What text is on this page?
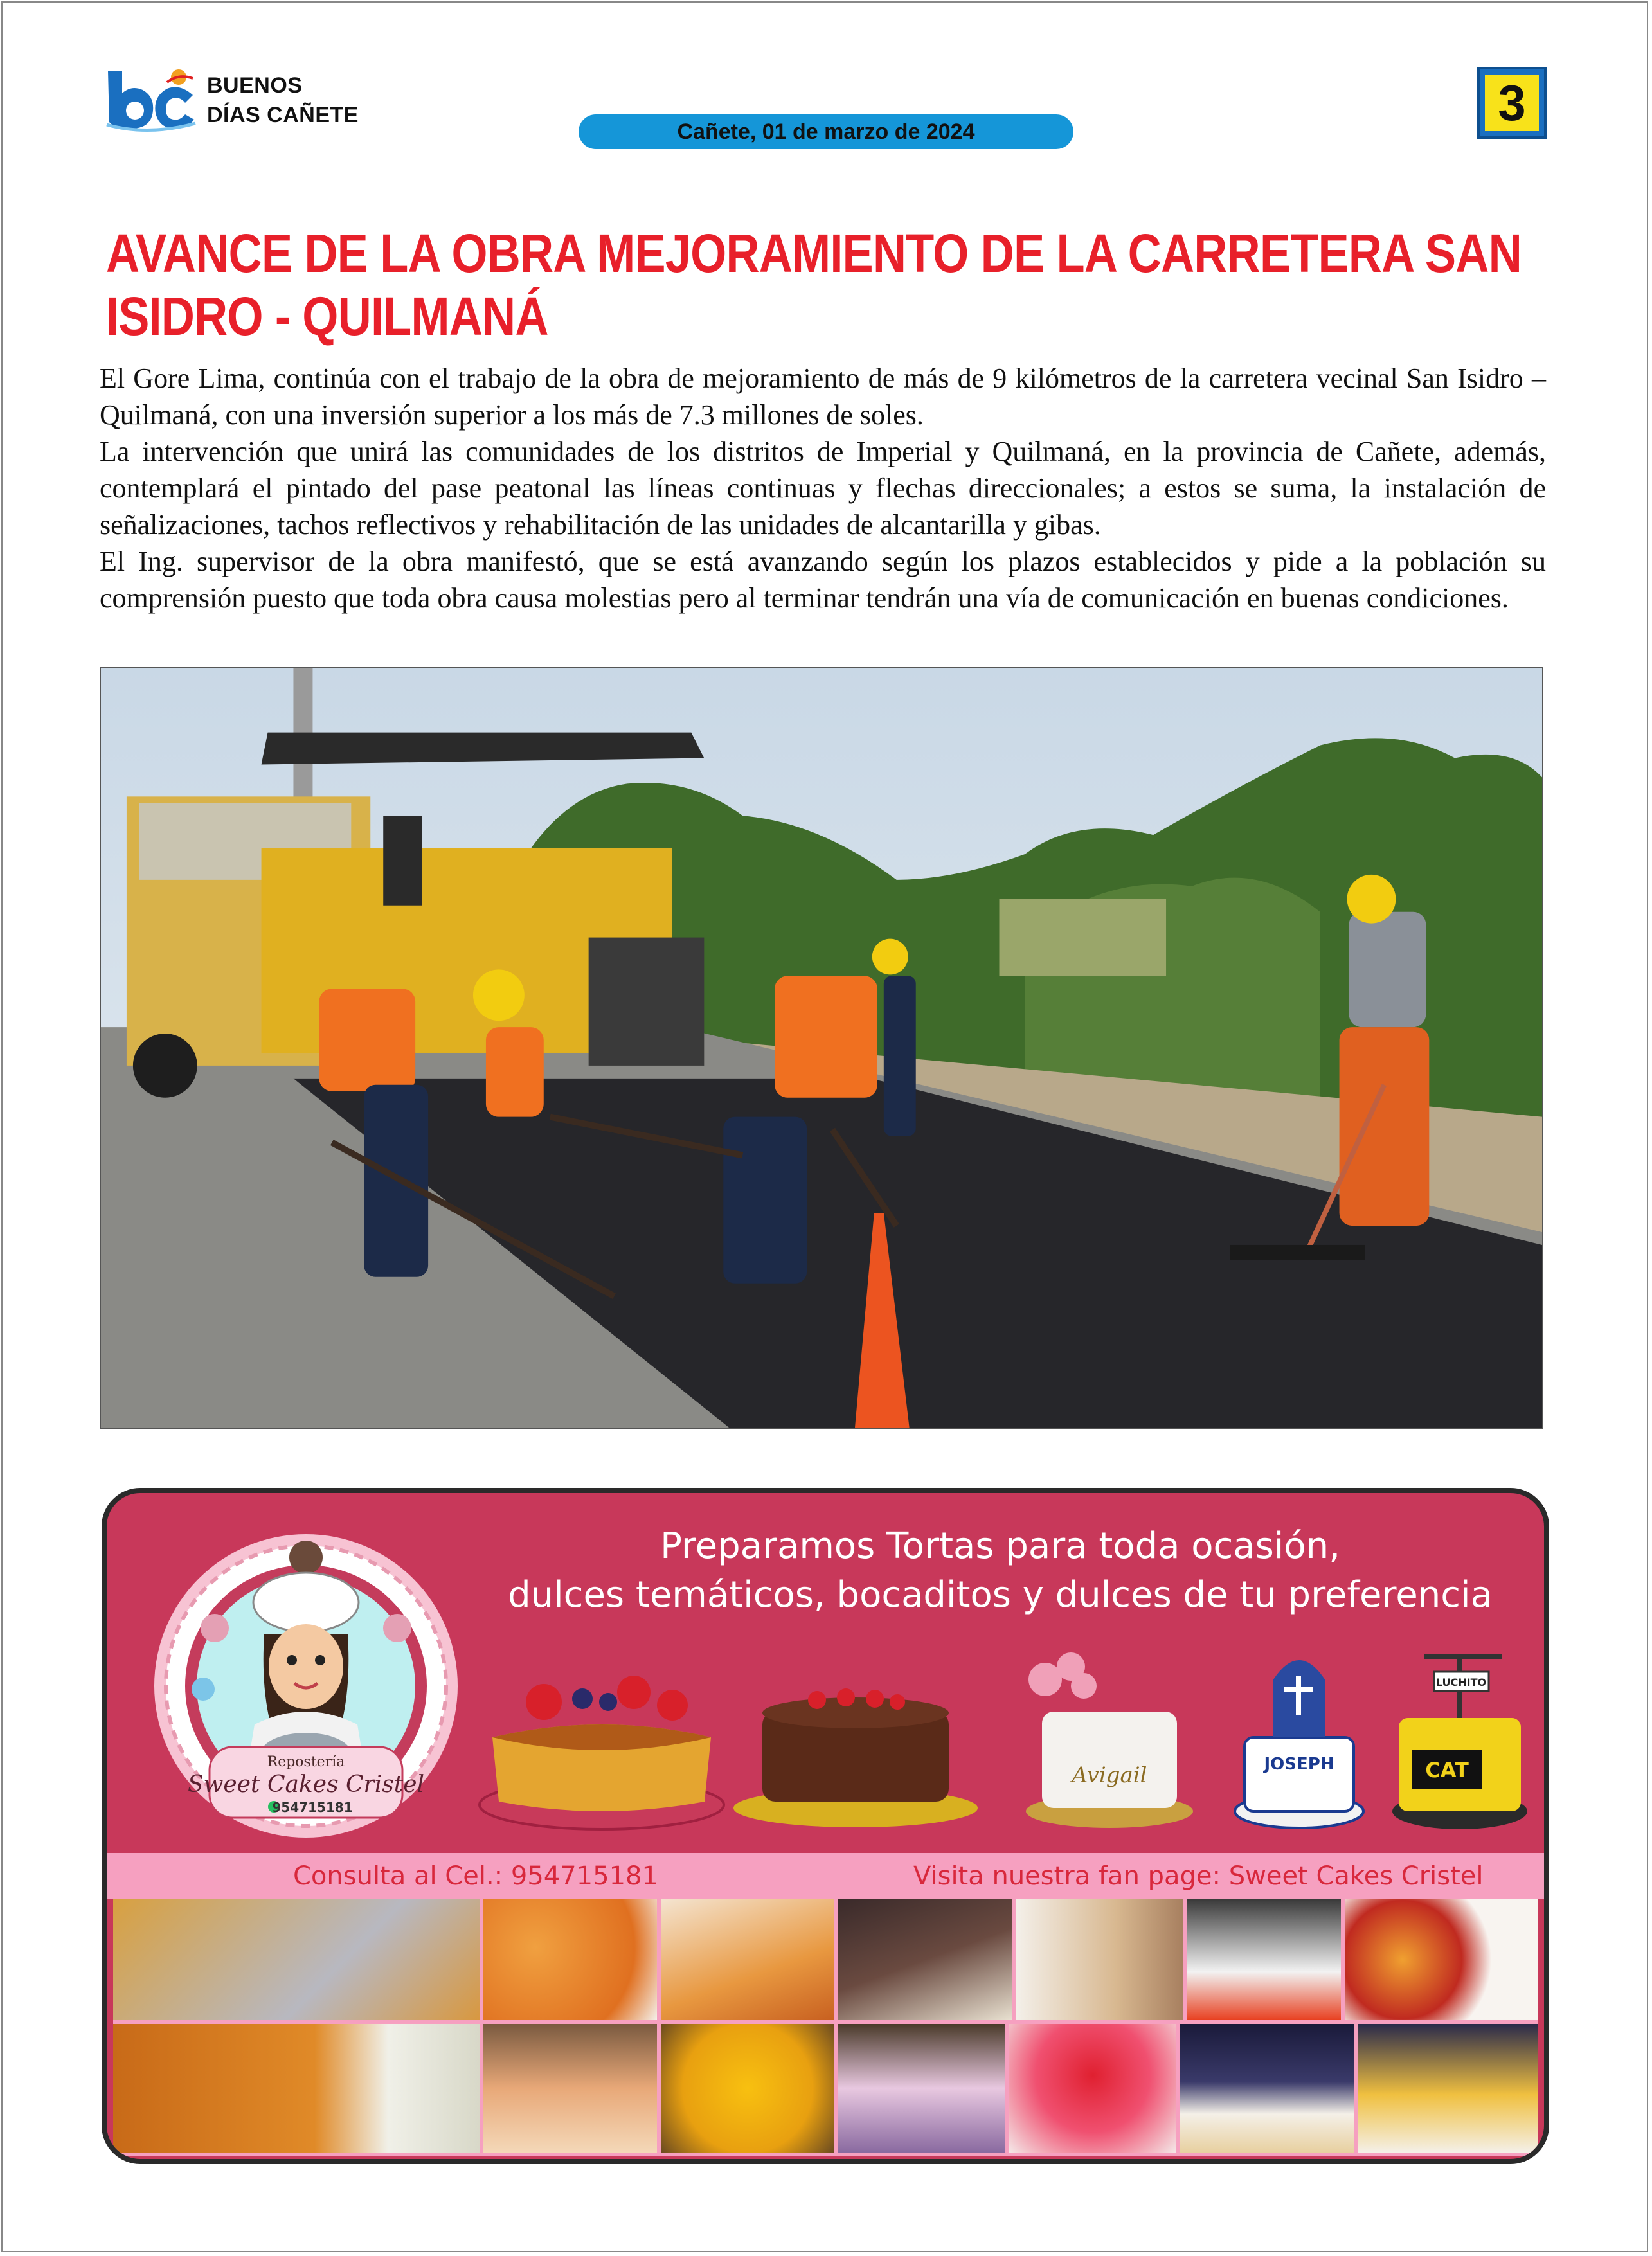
BUENOS
DÍAS CAÑETE
Cañete, 01 de marzo de 2024
3
AVANCE DE LA OBRA MEJORAMIENTO DE LA CARRETERA SAN ISIDRO - QUILMANÁ

El Gore Lima, continúa con el trabajo de la obra de mejoramiento de más de 9 kilómetros de la carretera vecinal San Isidro – Quilmaná, con una inversión superior a los más de 7.3 millones de soles.

La intervención que unirá las comunidades de los distritos de Imperial y Quilmaná, en la provincia de Cañete, además, contemplará el pintado del pase peatonal las líneas continuas y flechas direccionales; a estos se suma, la instalación de señalizaciones, tachos reflectivos y rehabilitación de las unidades de alcantarilla y gibas.

El Ing. supervisor de la obra manifestó, que se está avanzando según los plazos establecidos y pide a la población su comprensión puesto que toda obra causa molestias pero al terminar tendrán una vía de comunicación en buenas condiciones.

Repostería
Sweet Cakes Cristel
954715181
Preparamos Tortas para toda ocasión,
dulces temáticos, bocaditos y dulces de tu preferencia
Avigail	JOSEPH	CAT
LUCHITO
Consulta al Cel.: 954715181	Visita nuestra fan page: Sweet Cakes Cristel
